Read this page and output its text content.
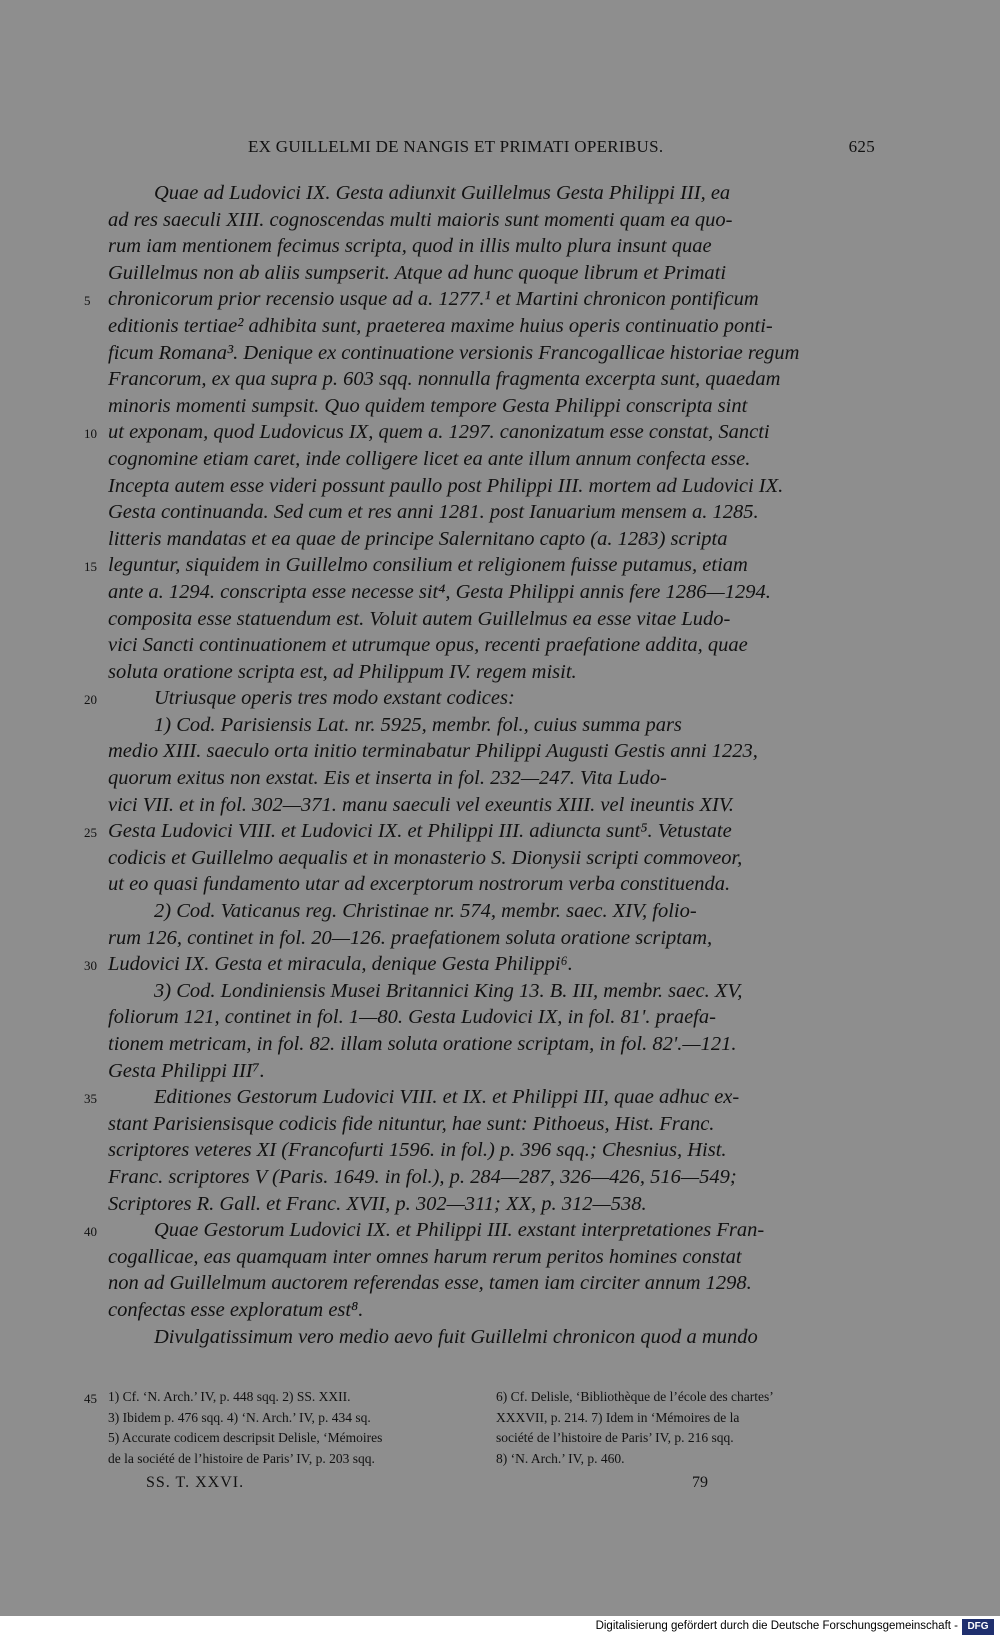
EX GUILLELMI DE NANGIS ET PRIMATI OPERIBUS.	625
Quae ad Ludovici IX. Gesta adiunxit Guillelmus Gesta Philippi III, ea
ad res saeculi XIII. cognoscendas multi maioris sunt momenti quam ea quo-
rum iam mentionem fecimus scripta, quod in illis multo plura insunt quae
Guillelmus non ab aliis sumpserit. Atque ad hunc quoque librum et Primati
5 chronicorum prior recensio usque ad a. 1277.¹ et Martini chronicon pontificum
editionis tertiae² adhibita sunt, praeterea maxime huius operis continuatio ponti-
ficum Romana³. Denique ex continuatione versionis Francogallicae historiae regum
Francorum, ex qua supra p. 603 sqq. nonnulla fragmenta excerpta sunt, quaedam
minoris momenti sumpsit. Quo quidem tempore Gesta Philippi conscripta sint
10 ut exponam, quod Ludovicus IX, quem a. 1297. canonizatum esse constat, Sancti
cognomine etiam caret, inde colligere licet ea ante illum annum confecta esse.
Incepta autem esse videri possunt paullo post Philippi III. mortem ad Ludovici IX.
Gesta continuanda. Sed cum et res anni 1281. post Ianuarium mensem a. 1285.
litteris mandatas et ea quae de principe Salernitano capto (a. 1283) scripta
15 leguntur, siquidem in Guillelmo consilium et religionem fuisse putamus, etiam
ante a. 1294. conscripta esse necesse sit⁴, Gesta Philippi annis fere 1286—1294.
composita esse statuendum est. Voluit autem Guillelmus ea esse vitae Ludo-
vici Sancti continuationem et utrumque opus, recenti praefatione addita, quae
soluta oratione scripta est, ad Philippum IV. regem misit.
20	Utriusque operis tres modo exstant codices:
1) Cod. Parisiensis Lat. nr. 5925, membr. fol., cuius summa pars
medio XIII. saeculo orta initio terminabatur Philippi Augusti Gestis anni 1223,
quorum exitus non exstat. Eis et inserta in fol. 232—247. Vita Ludo-
vici VII. et in fol. 302—371. manu saeculi vel exeuntis XIII. vel ineuntis XIV.
25 Gesta Ludovici VIII. et Ludovici IX. et Philippi III. adiuncta sunt⁵. Vetustate
codicis et Guillelmo aequalis et in monasterio S. Dionysii scripti commoveor,
ut eo quasi fundamento utar ad excerptorum nostrorum verba constituenda.
2) Cod. Vaticanus reg. Christinae nr. 574, membr. saec. XIV, folio-
rum 126, continet in fol. 20—126. praefationem soluta oratione scriptam,
30 Ludovici IX. Gesta et miracula, denique Gesta Philippi⁶.
3) Cod. Londiniensis Musei Britannici King 13. B. III, membr. saec. XV,
foliorum 121, continet in fol. 1—80. Gesta Ludovici IX, in fol. 81'. praefa-
tionem metricam, in fol. 82. illam soluta oratione scriptam, in fol. 82'.—121.
Gesta Philippi III⁷.
35	Editiones Gestorum Ludovici VIII. et IX. et Philippi III, quae adhuc ex-
stant Parisiensisque codicis fide nituntur, hae sunt: Pithoeus, Hist. Franc.
scriptores veteres XI (Francofurti 1596. in fol.) p. 396 sqq.; Chesnius, Hist.
Franc. scriptores V (Paris. 1649. in fol.), p. 284—287, 326—426, 516—549;
Scriptores R. Gall. et Franc. XVII, p. 302—311; XX, p. 312—538.
40	Quae Gestorum Ludovici IX. et Philippi III. exstant interpretationes Fran-
cogallicae, eas quamquam inter omnes harum rerum peritos homines constat
non ad Guillelmum auctorem referendas esse, tamen iam circiter annum 1298.
confectas esse exploratum est⁸.
Divulgatissimum vero medio aevo fuit Guillelmi chronicon quod a mundo
45 1) Cf. ‘N. Arch.’ IV, p. 448 sqq. 2) SS. XXII.
3) Ibidem p. 476 sqq. 4) ‘N. Arch.’ IV, p. 434 sq.
5) Accurate codicem descripsit Delisle, ‘Mémoires
de la société de l’histoire de Paris’ IV, p. 203 sqq.
6) Cf. Delisle, ‘Bibliothèque de l’école des chartes’
XXXVII, p. 214. 7) Idem in ‘Mémoires de la
société de l’histoire de Paris’ IV, p. 216 sqq.
8) ‘N. Arch.’ IV, p. 460.
SS. T. XXVI.	79
Digitalisierung gefördert durch die Deutsche Forschungsgemeinschaft - DFG
